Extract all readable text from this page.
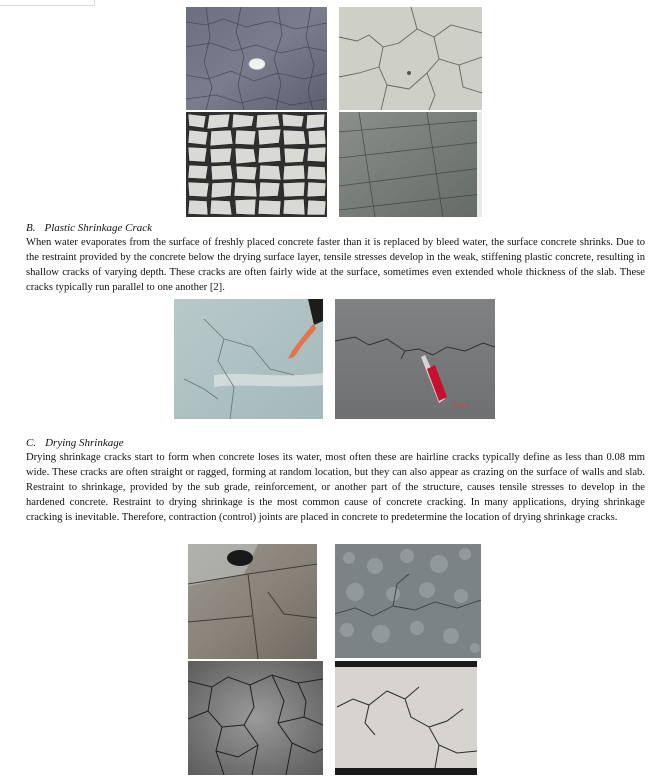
B. Plastic Shrinkage Crack
When water evaporates from the surface of freshly placed concrete faster than it is replaced by bleed water, the surface concrete shrinks. Due to the restraint provided by the concrete below the drying surface layer, tensile stresses develop in the weak, stiffening plastic concrete, resulting in shallow cracks of varying depth. These cracks are often fairly wide at the surface, sometimes even extended whole thickness of the slab. These cracks typically run parallel to one another [2].
0 1 2 3
C. Drying Shrinkage
Drying shrinkage cracks start to form when concrete loses its water, most often these are hairline cracks typically define as less than 0.08 mm wide. These cracks are often straight or ragged, forming at random location, but they can also appear as crazing on the surface of walls and slab. Restraint to shrinkage, provided by the sub grade, reinforcement, or another part of the structure, causes tensile stresses to develop in the hardened concrete. Restraint to drying shrinkage is the most common cause of concrete cracking. In many applications, drying shrinkage cracking is inevitable. Therefore, contraction (control) joints are placed in concrete to predetermine the location of drying shrinkage cracks.
